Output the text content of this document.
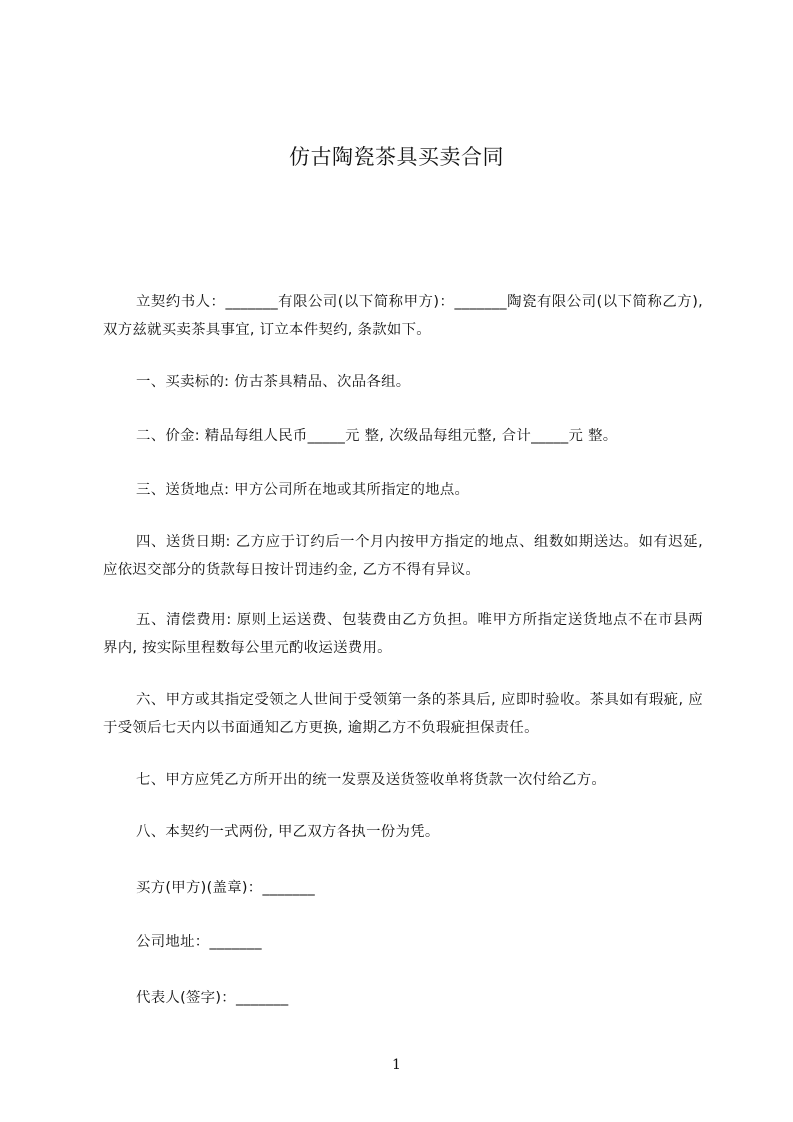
仿古陶瓷茶具买卖合同
立契约书人：_______有限公司(以下简称甲方)：_______陶瓷有限公司(以下简称乙方), 双方兹就买卖茶具事宜, 订立本件契约, 条款如下。
一、买卖标的: 仿古茶具精品、次品各组。
二、价金: 精品每组人民币_____元 整, 次级品每组元整, 合计_____元 整。
三、送货地点: 甲方公司所在地或其所指定的地点。
四、送货日期: 乙方应于订约后一个月内按甲方指定的地点、组数如期送达。如有迟延, 应依迟交部分的货款每日按计罚违约金, 乙方不得有异议。
五、清偿费用: 原则上运送费、包装费由乙方负担。唯甲方所指定送货地点不在市县两界内, 按实际里程数每公里元酌收运送费用。
六、甲方或其指定受领之人世间于受领第一条的茶具后, 应即时验收。茶具如有瑕疵, 应于受领后七天内以书面通知乙方更换, 逾期乙方不负瑕疵担保责任。
七、甲方应凭乙方所开出的统一发票及送货签收单将货款一次付给乙方。
八、本契约一式两份, 甲乙双方各执一份为凭。
买方(甲方)(盖章)：_______
公司地址：_______
代表人(签字)：_______
1
